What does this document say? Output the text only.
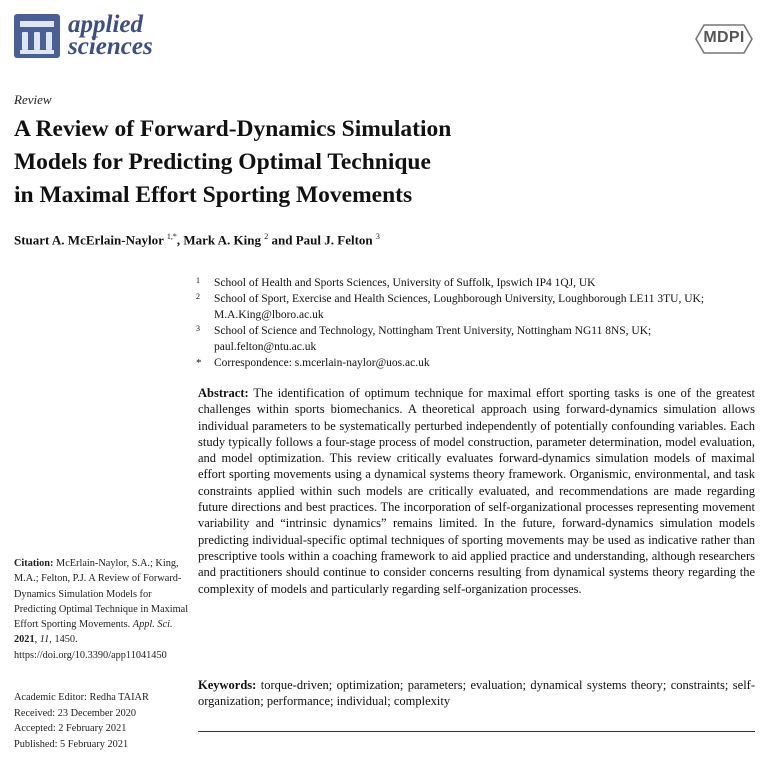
applied
sciences	MDPI
Review
A Review of Forward-Dynamics Simulation
Models for Predicting Optimal Technique
in Maximal Effort Sporting Movements
Stuart A. McErlain-Naylor $^{1,*}$, Mark A. King $^2$ and Paul J. Felton $^3$
1 School of Health and Sports Sciences, University of Suffolk, Ipswich IP4 1QJ, UK
2 School of Sport, Exercise and Health Sciences, Loughborough University, Loughborough LE11 3TU, UK;
M.A.King@lboro.ac.uk
3 School of Science and Technology, Nottingham Trent University, Nottingham NG11 8NS, UK;
paul.felton@ntu.ac.uk
* Correspondence: s.mcerlain-naylor@uos.ac.uk
Abstract: The identification of optimum technique for maximal effort sporting tasks is one of the greatest challenges within sports biomechanics. A theoretical approach using forward-dynamics simulation allows individual parameters to be systematically perturbed independently of potentially confounding variables. Each study typically follows a four-stage process of model construction, parameter determination, model evaluation, and model optimization. This review critically evaluates forward-dynamics simulation models of maximal effort sporting movements using a dynamical systems theory framework. Organismic, environmental, and task constraints applied within such models are critically evaluated, and recommendations are made regarding future directions and best practices. The incorporation of self-organizational processes representing movement variability and “intrinsic dynamics” remains limited. In the future, forward-dynamics simulation models predicting individual-specific optimal techniques of sporting movements may be used as indicative rather than prescriptive tools within a coaching framework to aid applied practice and understanding, although researchers and practitioners should continue to consider concerns resulting from dynamical systems theory regarding the complexity of models and particularly regarding self-organization processes.
Keywords: torque-driven; optimization; parameters; evaluation; dynamical systems theory; constraints; self-organization; performance; individual; complexity
Citation: McErlain-Naylor, S.A.; King, M.A.; Felton, P.J. A Review of Forward-Dynamics Simulation Models for Predicting Optimal Technique in Maximal Effort Sporting Movements. Appl. Sci. 2021, 11, 1450. https://doi.org/10.3390/app11041450
Academic Editor: Redha TAIAR
Received: 23 December 2020
Accepted: 2 February 2021
Published: 5 February 2021
